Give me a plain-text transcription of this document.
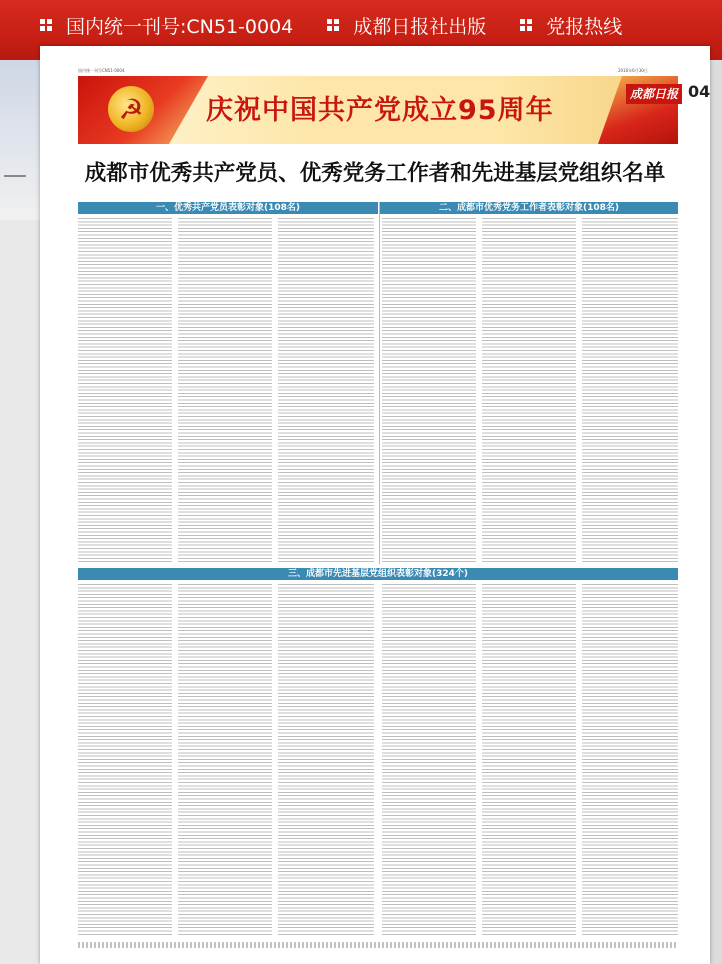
国内统一刊号:CN51-0004	成都日报社出版	党报热线
国内统一刊号CN51-0004	2016年6月30日
☭	庆祝中国共产党成立95周年
成都日报 04
成都市优秀共产党员、优秀党务工作者和先进基层党组织名单
一、优秀共产党员表彰对象(108名)	二、成都市优秀党务工作者表彰对象(108名)
三、成都市先进基层党组织表彰对象(324个)
